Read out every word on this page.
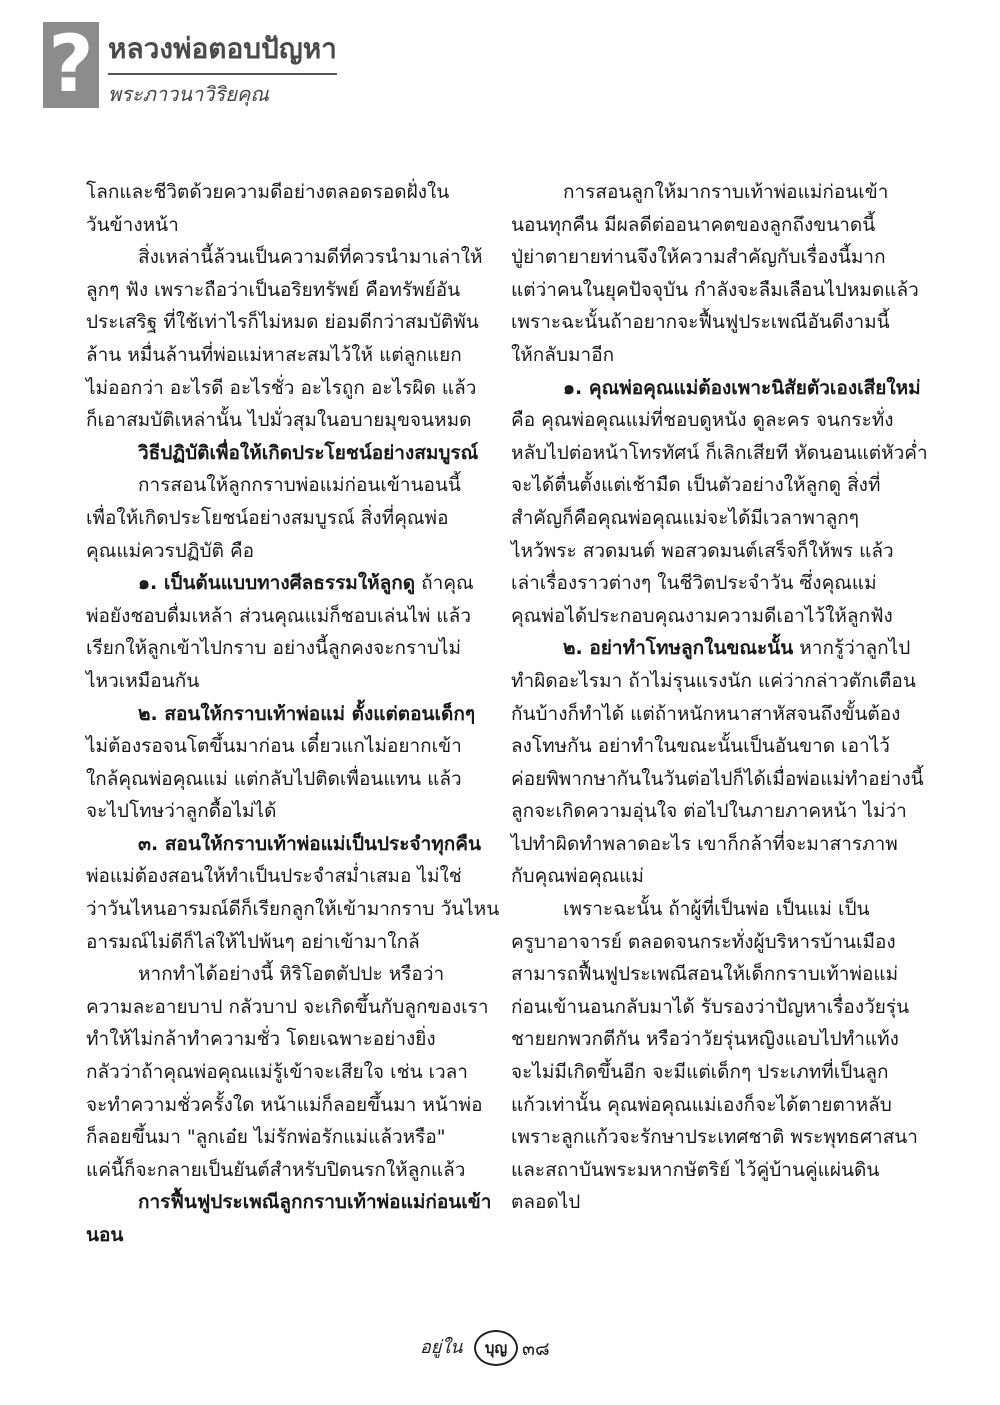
? หลวงพ่อตอบปัญหา
พระภาวนาวิริยคุณ
โลกและชีวิตด้วยความดีอย่างตลอดรอดฝั่งใน
วันข้างหน้า
สิ่งเหล่านี้ล้วนเป็นความดีที่ควรนำมาเล่าให้
ลูกๆ ฟัง เพราะถือว่าเป็นอริยทรัพย์ คือทรัพย์อัน
ประเสริฐ ที่ใช้เท่าไรก็ไม่หมด ย่อมดีกว่าสมบัติพัน
ล้าน หมื่นล้านที่พ่อแม่หาสะสมไว้ให้ แต่ลูกแยก
ไม่ออกว่า อะไรดี อะไรชั่ว อะไรถูก อะไรผิด แล้ว
ก็เอาสมบัติเหล่านั้น ไปมั่วสุมในอบายมุขจนหมด
วิธีปฏิบัติเพื่อให้เกิดประโยชน์อย่างสมบูรณ์
การสอนให้ลูกกราบพ่อแม่ก่อนเข้านอนนี้
เพื่อให้เกิดประโยชน์อย่างสมบูรณ์ สิ่งที่คุณพ่อ
คุณแม่ควรปฏิบัติ คือ
๑. เป็นต้นแบบทางศีลธรรมให้ลูกดู ถ้าคุณ
พ่อยังชอบดื่มเหล้า ส่วนคุณแม่ก็ชอบเล่นไพ่ แล้ว
เรียกให้ลูกเข้าไปกราบ อย่างนี้ลูกคงจะกราบไม่
ไหวเหมือนกัน
๒. สอนให้กราบเท้าพ่อแม่ ตั้งแต่ตอนเด็กๆ
ไม่ต้องรอจนโตขึ้นมาก่อน เดี๋ยวแกไม่อยากเข้า
ใกล้คุณพ่อคุณแม่ แต่กลับไปติดเพื่อนแทน แล้ว
จะไปโทษว่าลูกดื้อไม่ได้
๓. สอนให้กราบเท้าพ่อแม่เป็นประจำทุกคืน
พ่อแม่ต้องสอนให้ทำเป็นประจำสม่ำเสมอ ไม่ใช่
ว่าวันไหนอารมณ์ดีก็เรียกลูกให้เข้ามากราบ วันไหน
อารมณ์ไม่ดีก็ไล่ให้ไปพ้นๆ อย่าเข้ามาใกล้
หากทำได้อย่างนี้ หิริโอตตัปปะ หรือว่า
ความละอายบาป กลัวบาป จะเกิดขึ้นกับลูกของเรา
ทำให้ไม่กล้าทำความชั่ว โดยเฉพาะอย่างยิ่ง
กลัวว่าถ้าคุณพ่อคุณแม่รู้เข้าจะเสียใจ เช่น เวลา
จะทำความชั่วครั้งใด หน้าแม่ก็ลอยขึ้นมา หน้าพ่อ
ก็ลอยขึ้นมา "ลูกเอ๋ย ไม่รักพ่อรักแม่แล้วหรือ"
แค่นี้ก็จะกลายเป็นยันต์สำหรับปิดนรกให้ลูกแล้ว
การฟื้นฟูประเพณีลูกกราบเท้าพ่อแม่ก่อนเข้า
นอน
การสอนลูกให้มากราบเท้าพ่อแม่ก่อนเข้า
นอนทุกคืน มีผลดีต่ออนาคตของลูกถึงขนาดนี้
ปู่ย่าตายายท่านจึงให้ความสำคัญกับเรื่องนี้มาก
แต่ว่าคนในยุคปัจจุบัน กำลังจะลืมเลือนไปหมดแล้ว
เพราะฉะนั้นถ้าอยากจะฟื้นฟูประเพณีอันดีงามนี้
ให้กลับมาอีก
๑. คุณพ่อคุณแม่ต้องเพาะนิสัยตัวเองเสียใหม่
คือ คุณพ่อคุณแม่ที่ชอบดูหนัง ดูละคร จนกระทั่ง
หลับไปต่อหน้าโทรทัศน์ ก็เลิกเสียที หัดนอนแต่หัวค่ำ
จะได้ตื่นตั้งแต่เช้ามืด เป็นตัวอย่างให้ลูกดู สิ่งที่
สำคัญก็คือคุณพ่อคุณแม่จะได้มีเวลาพาลูกๆ
ไหว้พระ สวดมนต์ พอสวดมนต์เสร็จก็ให้พร แล้ว
เล่าเรื่องราวต่างๆ ในชีวิตประจำวัน ซึ่งคุณแม่
คุณพ่อได้ประกอบคุณงามความดีเอาไว้ให้ลูกฟัง
๒. อย่าทำโทษลูกในขณะนั้น หากรู้ว่าลูกไป
ทำผิดอะไรมา ถ้าไม่รุนแรงนัก แค่ว่ากล่าวตักเตือน
กันบ้างก็ทำได้ แต่ถ้าหนักหนาสาหัสจนถึงขั้นต้อง
ลงโทษกัน อย่าทำในขณะนั้นเป็นอันขาด เอาไว้
ค่อยพิพากษากันในวันต่อไปก็ได้เมื่อพ่อแม่ทำอย่างนี้
ลูกจะเกิดความอุ่นใจ ต่อไปในภายภาคหน้า ไม่ว่า
ไปทำผิดทำพลาดอะไร เขาก็กล้าที่จะมาสารภาพ
กับคุณพ่อคุณแม่
เพราะฉะนั้น ถ้าผู้ที่เป็นพ่อ เป็นแม่ เป็น
ครูบาอาจารย์ ตลอดจนกระทั่งผู้บริหารบ้านเมือง
สามารถฟื้นฟูประเพณีสอนให้เด็กกราบเท้าพ่อแม่
ก่อนเข้านอนกลับมาได้ รับรองว่าปัญหาเรื่องวัยรุ่น
ชายยกพวกตีกัน หรือว่าวัยรุ่นหญิงแอบไปทำแท้ง
จะไม่มีเกิดขึ้นอีก จะมีแต่เด็กๆ ประเภทที่เป็นลูก
แก้วเท่านั้น คุณพ่อคุณแม่เองก็จะได้ตายตาหลับ
เพราะลูกแก้วจะรักษาประเทศชาติ พระพุทธศาสนา
และสถาบันพระมหากษัตริย์ ไว้คู่บ้านคู่แผ่นดิน
ตลอดไป
อยู่ใน	บุญ ๓๘
